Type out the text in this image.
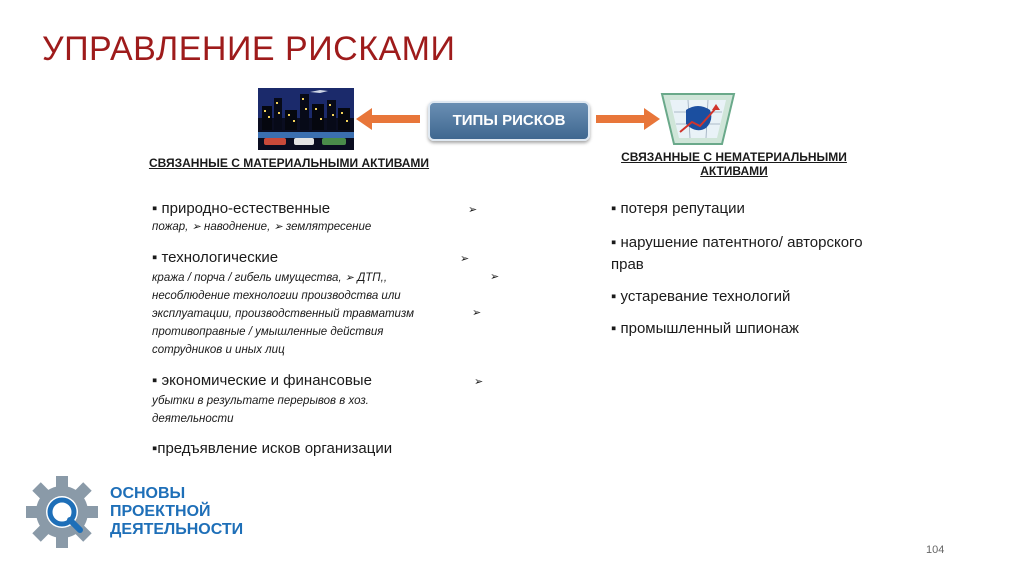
УПРАВЛЕНИЕ РИСКАМИ
ТИПЫ РИСКОВ
СВЯЗАННЫЕ С МАТЕРИАЛЬНЫМИ АКТИВАМИ	СВЯЗАННЫЕ С НЕМАТЕРИАЛЬНЫМИ
АКТИВАМИ
▪ природно-естественные	➢
пожар, ➢ наводнение, ➢ землятресение
▪ технологические	➢
кража / порча / гибель имущества, ➢ ДТП,,
несоблюдение технологии производства или
эксплуатации, производственный травматизм
противоправные / умышленные действия
сотрудников и иных лиц
➢
➢
▪ экономические и финансовые	➢
убытки в результате перерывов в хоз.
деятельности
▪предъявление исков организации
▪ потеря репутации
▪ нарушение патентного/ авторского
прав
▪ устаревание технологий
▪ промышленный шпионаж
ОСНОВЫ
ПРОЕКТНОЙ
ДЕЯТЕЛЬНОСТИ
104
